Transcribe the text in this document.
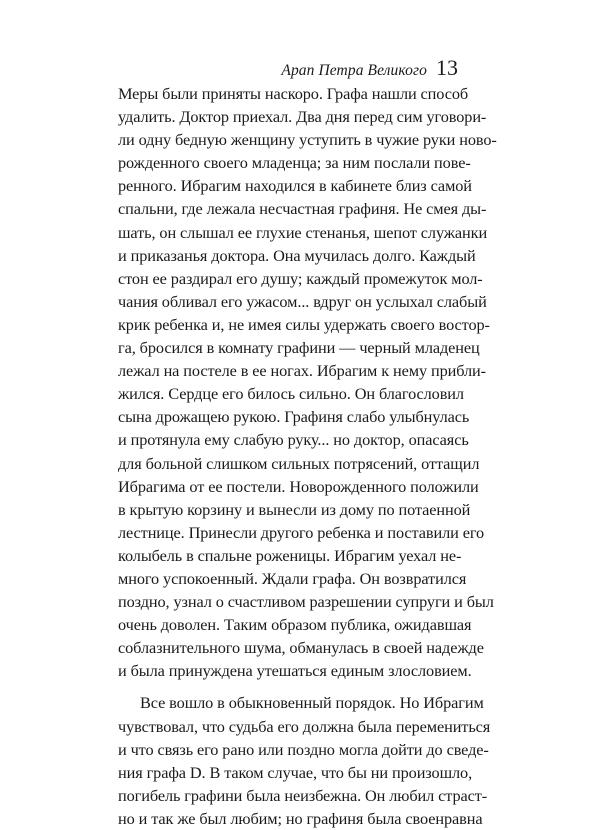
Арап Петра Великого 13
Меры были приняты наскоро. Графа нашли способ
удалить. Доктор приехал. Два дня перед сим уговори-
ли одну бедную женщину уступить в чужие руки ново-
рожденного своего младенца; за ним послали пове-
ренного. Ибрагим находился в кабинете близ самой
спальни, где лежала несчастная графиня. Не смея ды-
шать, он слышал ее глухие стенанья, шепот служанки
и приказанья доктора. Она мучилась долго. Каждый
стон ее раздирал его душу; каждый промежуток мол-
чания обливал его ужасом... вдруг он услыхал слабый
крик ребенка и, не имея силы удержать своего востор-
га, бросился в комнату графини — черный младенец
лежал на постеле в ее ногах. Ибрагим к нему прибли-
жился. Сердце его билось сильно. Он благословил
сына дрожащею рукою. Графиня слабо улыбнулась
и протянула ему слабую руку... но доктор, опасаясь
для больной слишком сильных потрясений, оттащил
Ибрагима от ее постели. Новорожденного положили
в крытую корзину и вынесли из дому по потаенной
лестнице. Принесли другого ребенка и поставили его
колыбель в спальне роженицы. Ибрагим уехал не-
много успокоенный. Ждали графа. Он возвратился
поздно, узнал о счастливом разрешении супруги и был
очень доволен. Таким образом публика, ожидавшая
соблазнительного шума, обманулась в своей надежде
и была принуждена утешаться единым злословием.
Все вошло в обыкновенный порядок. Но Ибрагим
чувствовал, что судьба его должна была перемениться
и что связь его рано или поздно могла дойти до сведе-
ния графа D. В таком случае, что бы ни произошло,
погибель графини была неизбежна. Он любил страст-
но и так же был любим; но графиня была своенравна
